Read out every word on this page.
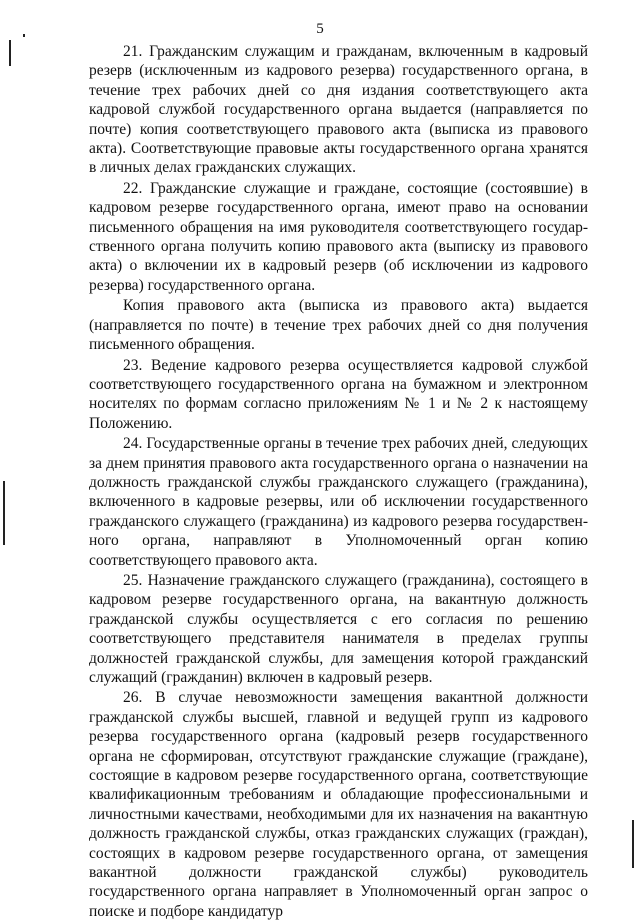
5

21. Гражданским служащим и гражданам, включенным в кадровый резерв (исключенным из кадрового резерва) государственного органа, в течение трех рабочих дней со дня издания соответствующего акта кадровой службой государственного органа выдается (направляется по почте) копия соответствующего правового акта (выписка из правового акта). Соответствующие правовые акты государственного органа хранятся в личных делах гражданских служащих.

22. Гражданские служащие и граждане, состоящие (состоявшие) в кадровом резерве государственного органа, имеют право на основании письменного обращения на имя руководителя соответствующего государственного органа получить копию правового акта (выписку из правового акта) о включении их в кадровый резерв (об исключении из кадрового резерва) государственного органа.

Копия правового акта (выписка из правового акта) выдается (направляется по почте) в течение трех рабочих дней со дня получения письменного обращения.

23. Ведение кадрового резерва осуществляется кадровой службой соответствующего государственного органа на бумажном и электронном носителях по формам согласно приложениям № 1 и № 2 к настоящему Положению.

24. Государственные органы в течение трех рабочих дней, следующих за днем принятия правового акта государственного органа о назначении на должность гражданской службы гражданского служащего (гражданина), включенного в кадровые резервы, или об исключении государственного гражданского служащего (гражданина) из кадрового резерва государственного органа, направляют в Уполномоченный орган копию соответствующего правового акта.

25. Назначение гражданского служащего (гражданина), состоящего в кадровом резерве государственного органа, на вакантную должность гражданской службы осуществляется с его согласия по решению соответствующего представителя нанимателя в пределах группы должностей гражданской службы, для замещения которой гражданский служащий (гражданин) включен в кадровый резерв.

26. В случае невозможности замещения вакантной должности гражданской службы высшей, главной и ведущей групп из кадрового резерва государственного органа (кадровый резерв государственного органа не сформирован, отсутствуют гражданские служащие (граждане), состоящие в кадровом резерве государственного органа, соответствующие квалификационным требованиям и обладающие профессиональными и личностными качествами, необходимыми для их назначения на вакантную должность гражданской службы, отказ гражданских служащих (граждан), состоящих в кадровом резерве государственного органа, от замещения вакантной должности гражданской службы) руководитель государственного органа направляет в Уполномоченный орган запрос о поиске и подборе кандидатур
